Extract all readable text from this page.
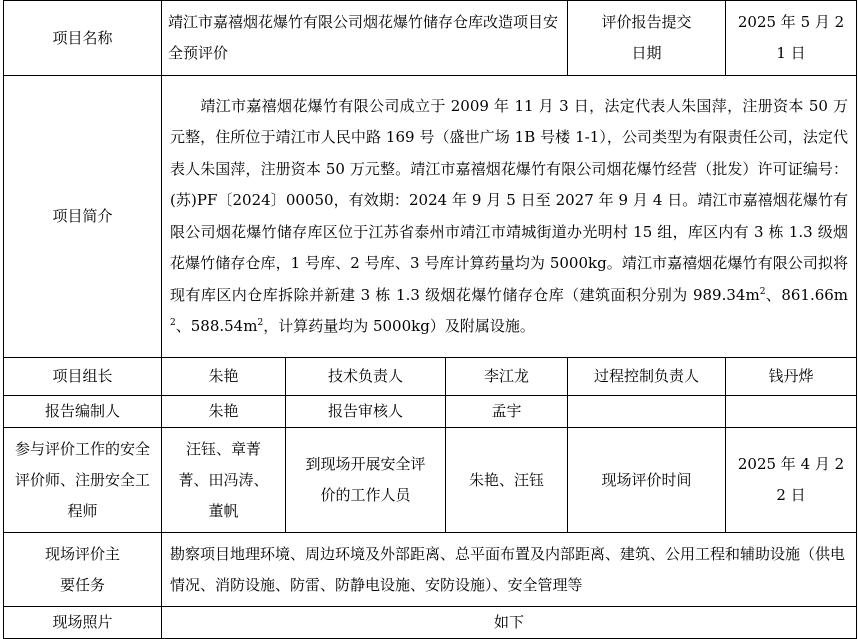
项目名称	靖江市嘉禧烟花爆竹有限公司烟花爆竹储存仓库改造项目安全预评价			评价报告提交日期	2025 年 5 月 21 日
项目简介	靖江市嘉禧烟花爆竹有限公司成立于 2009 年 11 月 3 日，法定代表人朱国萍，注册资本 50 万元整，住所位于靖江市人民中路 169 号（盛世广场 1B 号楼 1-1），公司类型为有限责任公司，法定代表人朱国萍，注册资本 50 万元整。靖江市嘉禧烟花爆竹有限公司烟花爆竹经营（批发）许可证编号：(苏)PF〔2024〕00050，有效期：2024 年 9 月 5 日至 2027 年 9 月 4 日。靖江市嘉禧烟花爆竹有限公司烟花爆竹储存库区位于江苏省泰州市靖江市靖城街道办光明村 15 组，库区内有 3 栋 1.3 级烟花爆竹储存仓库，1 号库、2 号库、3 号库计算药量均为 5000kg。靖江市嘉禧烟花爆竹有限公司拟将现有库区内仓库拆除并新建 3 栋 1.3 级烟花爆竹储存仓库（建筑面积分别为 $989.34m^2$、$861.66m^2$、$588.54m^2$，计算药量均为 5000kg）及附属设施。				
项目组长	朱艳	技术负责人	李江龙	过程控制负责人	钱丹烨
报告编制人	朱艳	报告审核人	孟宇		
参与评价工作的安全评价师、注册安全工程师	汪钰、章菁菁、田冯涛、董帆	到现场开展安全评价的工作人员	朱艳、汪钰	现场评价时间	2025 年 4 月 22 日
现场评价主要任务	勘察项目地理环境、周边环境及外部距离、总平面布置及内部距离、建筑、公用工程和辅助设施（供电情况、消防设施、防雷、防静电设施、安防设施）、安全管理等				
现场照片	如下				
